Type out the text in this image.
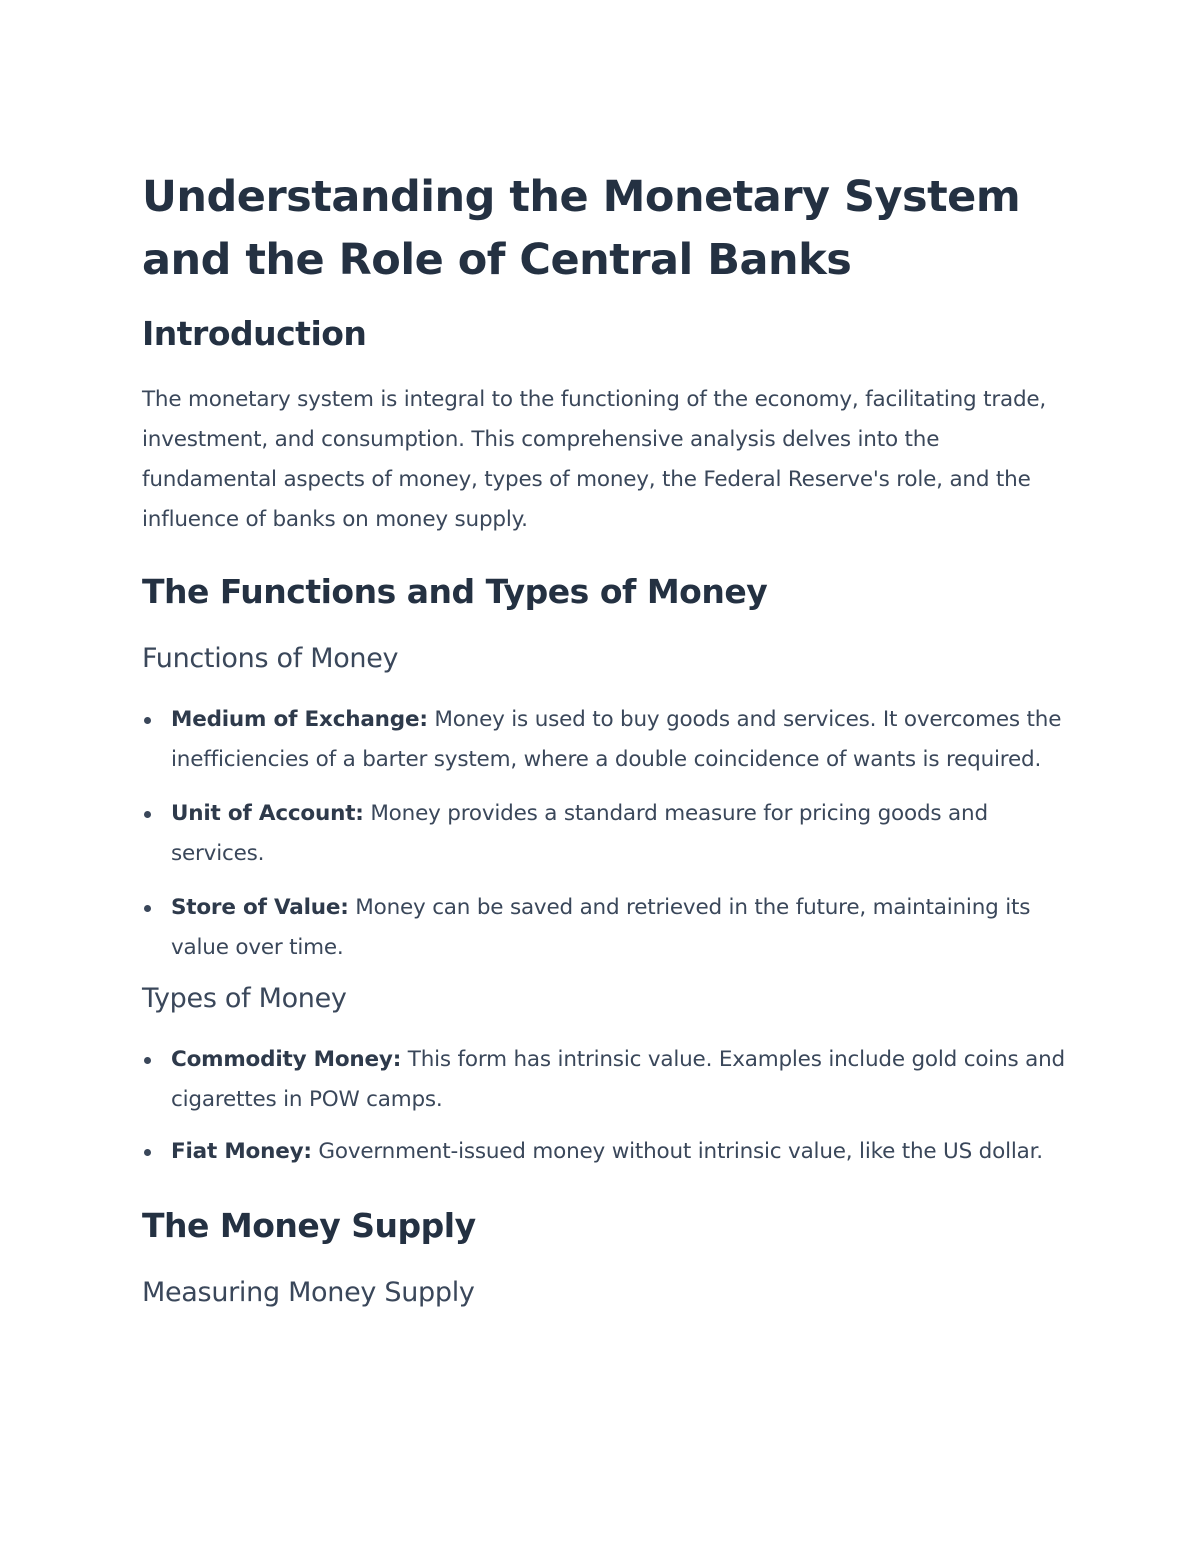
Understanding the Monetary System and the Role of Central Banks
Introduction

The monetary system is integral to the functioning of the economy, facilitating trade, investment, and consumption. This comprehensive analysis delves into the fundamental aspects of money, types of money, the Federal Reserve's role, and the influence of banks on money supply.

The Functions and Types of Money
Functions of Money
Medium of Exchange: Money is used to buy goods and services. It overcomes the inefficiencies of a barter system, where a double coincidence of wants is required.
Unit of Account: Money provides a standard measure for pricing goods and services.
Store of Value: Money can be saved and retrieved in the future, maintaining its value over time.
Types of Money
Commodity Money: This form has intrinsic value. Examples include gold coins and cigarettes in POW camps.
Fiat Money: Government-issued money without intrinsic value, like the US dollar.
The Money Supply
Measuring Money Supply
